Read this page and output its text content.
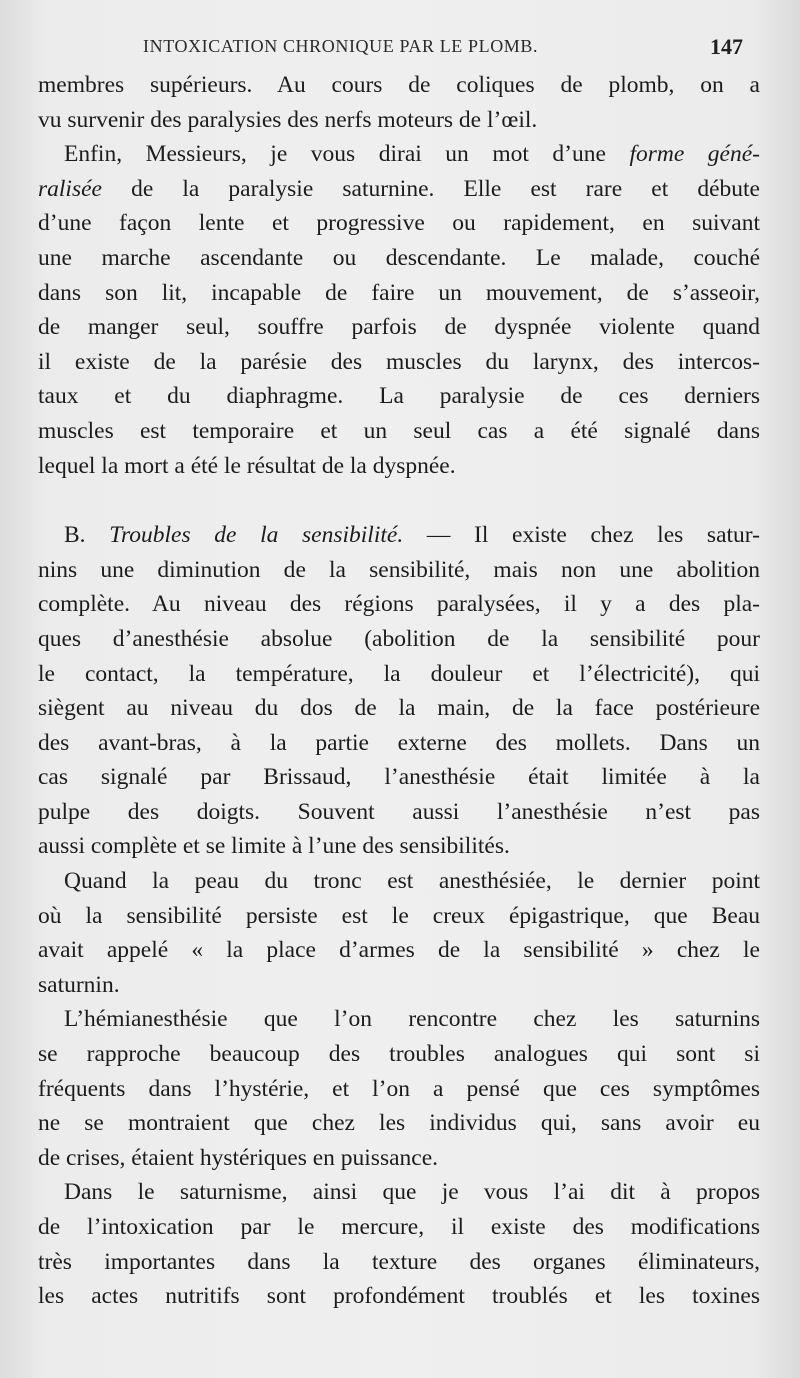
INTOXICATION CHRONIQUE PAR LE PLOMB.	147
membres supérieurs. Au cours de coliques de plomb, on a
vu survenir des paralysies des nerfs moteurs de l’œil.
Enfin, Messieurs, je vous dirai un mot d’une forme géné-
ralisée de la paralysie saturnine. Elle est rare et débute
d’une façon lente et progressive ou rapidement, en suivant
une marche ascendante ou descendante. Le malade, couché
dans son lit, incapable de faire un mouvement, de s’asseoir,
de manger seul, souffre parfois de dyspnée violente quand
il existe de la parésie des muscles du larynx, des intercos-
taux et du diaphragme. La paralysie de ces derniers
muscles est temporaire et un seul cas a été signalé dans
lequel la mort a été le résultat de la dyspnée.
B. Troubles de la sensibilité. — Il existe chez les satur-
nins une diminution de la sensibilité, mais non une abolition
complète. Au niveau des régions paralysées, il y a des pla-
ques d’anesthésie absolue (abolition de la sensibilité pour
le contact, la température, la douleur et l’électricité), qui
siègent au niveau du dos de la main, de la face postérieure
des avant-bras, à la partie externe des mollets. Dans un
cas signalé par Brissaud, l’anesthésie était limitée à la
pulpe des doigts. Souvent aussi l’anesthésie n’est pas
aussi complète et se limite à l’une des sensibilités.
Quand la peau du tronc est anesthésiée, le dernier point
où la sensibilité persiste est le creux épigastrique, que Beau
avait appelé « la place d’armes de la sensibilité » chez le
saturnin.
L’hémianesthésie que l’on rencontre chez les saturnins
se rapproche beaucoup des troubles analogues qui sont si
fréquents dans l’hystérie, et l’on a pensé que ces symptômes
ne se montraient que chez les individus qui, sans avoir eu
de crises, étaient hystériques en puissance.
Dans le saturnisme, ainsi que je vous l’ai dit à propos
de l’intoxication par le mercure, il existe des modifications
très importantes dans la texture des organes éliminateurs,
les actes nutritifs sont profondément troublés et les toxines
